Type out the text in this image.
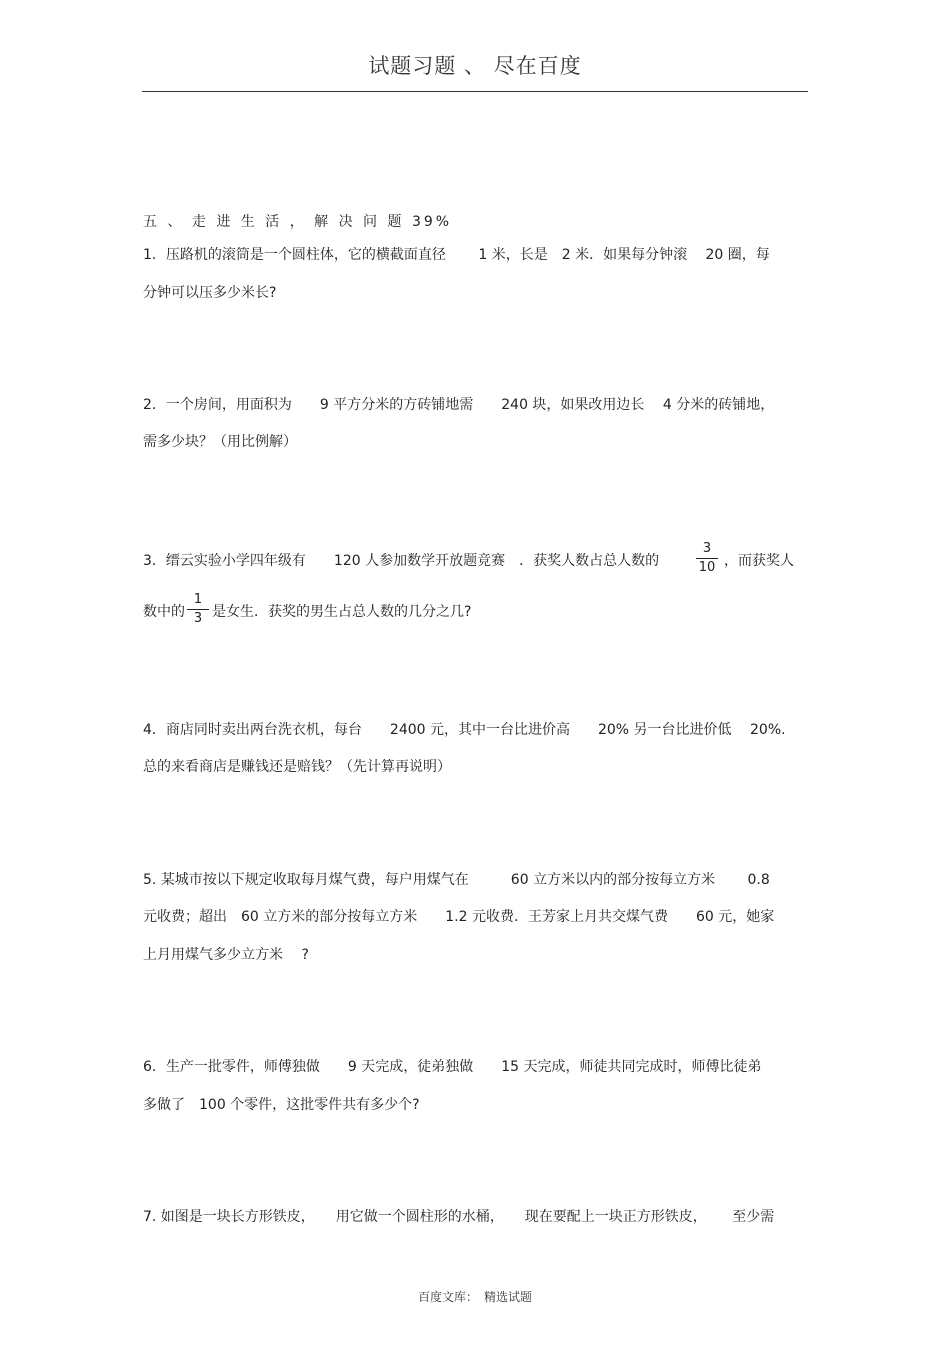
试题习题 、 尽在百度
五 、 走 进 生 活 ， 解 决 问 题 39%
1．压路机的滚筒是一个圆柱体，它的横截面直径　　 1 米，长是　2 米．如果每分钟滚　 20 圈，每
分钟可以压多少米长?
2．一个房间，用面积为　　9 平方分米的方砖铺地需　　240 块，如果改用边长　 4 分米的砖铺地，
需多少块？（用比例解）
3．缙云实验小学四年级有　　120 人参加数学开放题竞赛　．获奖人数占总人数的
3
10 ，而获奖人
数中的
1
3 是女生．获奖的男生占总人数的几分之几?
4．商店同时卖出两台洗衣机，每台　　2400 元，其中一台比进价高　　20% 另一台比进价低　 20%.
总的来看商店是赚钱还是赔钱？（先计算再说明）
5. 某城市按以下规定收取每月煤气费，每户用煤气在　　　60 立方米以内的部分按每立方米　　 0.8
元收费；超出　60 立方米的部分按每立方米　　1.2 元收费．王芳家上月共交煤气费　　60 元，她家
上月用煤气多少立方米　 ?
6．生产一批零件，师傅独做　　9 天完成，徒弟独做　　15 天完成，师徒共同完成时，师傅比徒弟
多做了　100 个零件，这批零件共有多少个?
7. 如图是一块长方形铁皮，　　用它做一个圆柱形的水桶，　　现在要配上一块正方形铁皮，　　 至少需
百度文库：　精选试题
